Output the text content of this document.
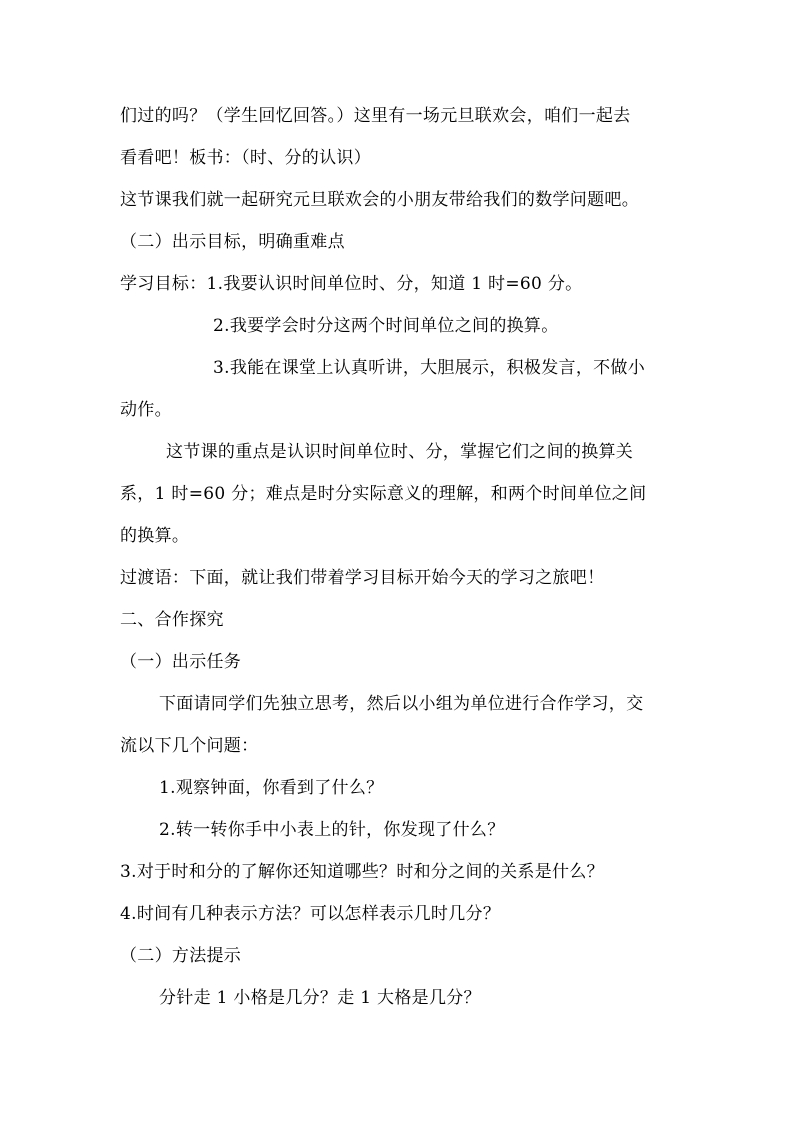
们过的吗？（学生回忆回答。）这里有一场元旦联欢会，咱们一起去
看看吧！板书：（时、分的认识）
这节课我们就一起研究元旦联欢会的小朋友带给我们的数学问题吧。
（二）出示目标，明确重难点
学习目标：1.我要认识时间单位时、分，知道 1 时=60 分。
2.我要学会时分这两个时间单位之间的换算。
3.我能在课堂上认真听讲，大胆展示，积极发言，不做小
动作。
这节课的重点是认识时间单位时、分，掌握它们之间的换算关
系，1 时=60 分；难点是时分实际意义的理解，和两个时间单位之间
的换算。
过渡语：下面，就让我们带着学习目标开始今天的学习之旅吧！
二、合作探究
（一）出示任务
下面请同学们先独立思考，然后以小组为单位进行合作学习，交
流以下几个问题：
1.观察钟面，你看到了什么？
2.转一转你手中小表上的针，你发现了什么？
3.对于时和分的了解你还知道哪些？时和分之间的关系是什么？
4.时间有几种表示方法？可以怎样表示几时几分？
（二）方法提示
分针走 1 小格是几分？走 1 大格是几分？
